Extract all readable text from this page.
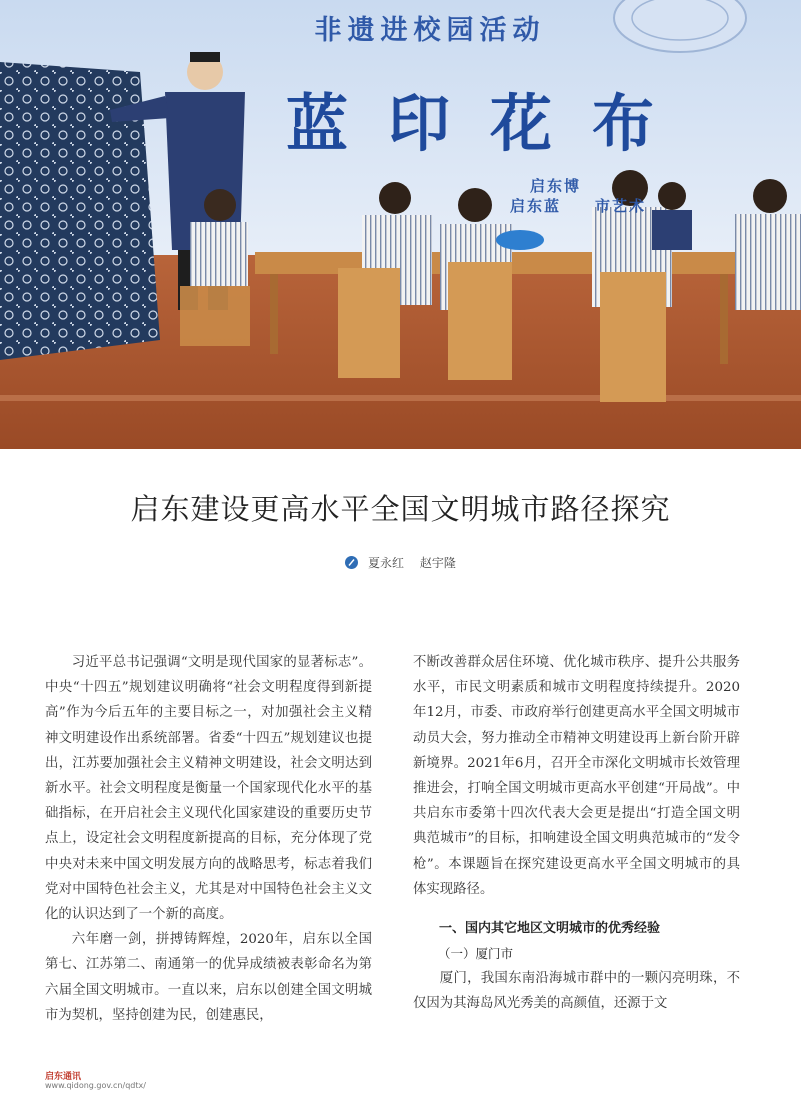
非遗进校园活动
蓝印花布
启东博
启东蓝　　市艺术
启东建设更高水平全国文明城市路径探究
夏永红 赵宇隆

习近平总书记强调“文明是现代国家的显著标志”。中央“十四五”规划建议明确将“社会文明程度得到新提高”作为今后五年的主要目标之一，对加强社会主义精神文明建设作出系统部署。省委“十四五”规划建议也提出，江苏要加强社会主义精神文明建设，社会文明达到新水平。社会文明程度是衡量一个国家现代化水平的基础指标，在开启社会主义现代化国家建设的重要历史节点上，设定社会文明程度新提高的目标，充分体现了党中央对未来中国文明发展方向的战略思考，标志着我们党对中国特色社会主义，尤其是对中国特色社会主义文化的认识达到了一个新的高度。

六年磨一剑，拼搏铸辉煌，2020年，启东以全国第七、江苏第二、南通第一的优异成绩被表彰命名为第六届全国文明城市。一直以来，启东以创建全国文明城市为契机，坚持创建为民，创建惠民，

不断改善群众居住环境、优化城市秩序、提升公共服务水平，市民文明素质和城市文明程度持续提升。2020年12月，市委、市政府举行创建更高水平全国文明城市动员大会，努力推动全市精神文明建设再上新台阶开辟新境界。2021年6月，召开全市深化文明城市长效管理推进会，打响全国文明城市更高水平创建“开局战”。中共启东市委第十四次代表大会更是提出“打造全国文明典范城市”的目标，扣响建设全国文明典范城市的“发令枪”。本课题旨在探究建设更高水平全国文明城市的具体实现路径。

一、国内其它地区文明城市的优秀经验
（一）厦门市

厦门，我国东南沿海城市群中的一颗闪亮明珠，不仅因为其海岛风光秀美的高颜值，还源于文

启东通讯
www.qidong.gov.cn/qdtx/
